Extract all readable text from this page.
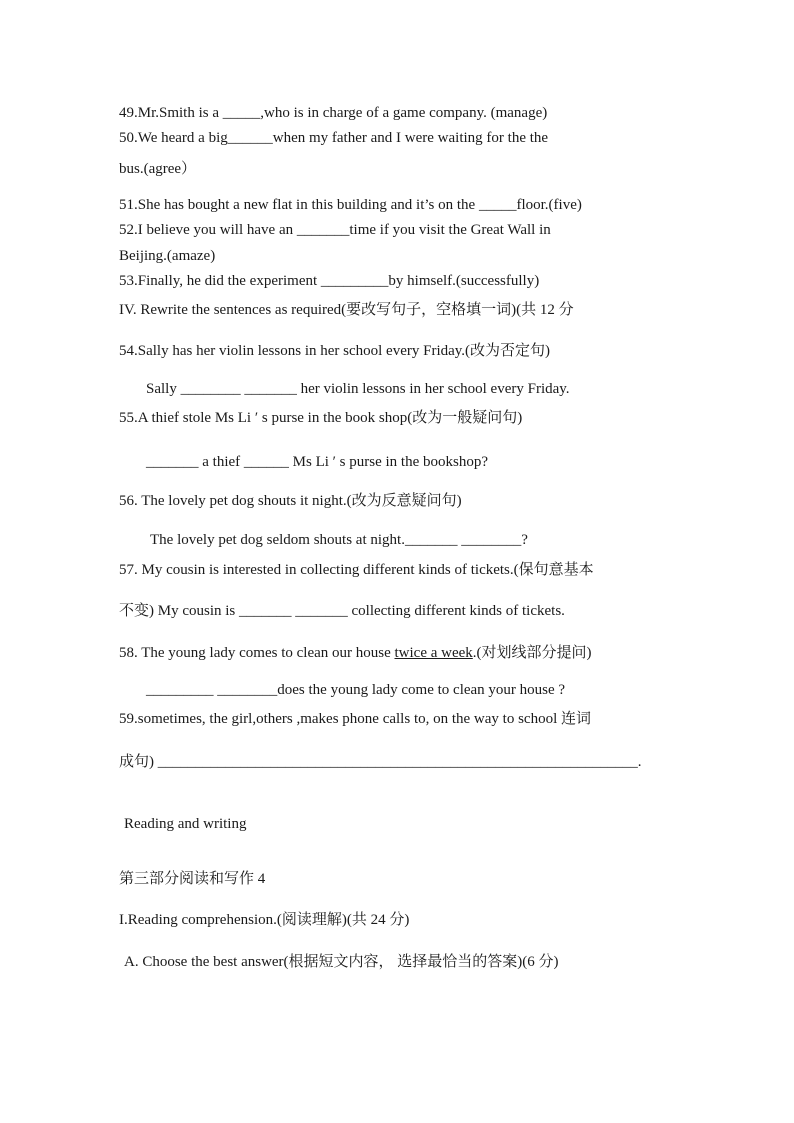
49.Mr.Smith is a _____,who is in charge of a game company. (manage)
50.We heard a big______when my father and I were waiting for the the
bus.(agree）
51.She has bought a new flat in this building and it’s on the _____floor.(five)
52.I believe you will have an _______time if you visit the Great Wall in
Beijing.(amaze)
53.Finally, he did the experiment _________by himself.(successfully)
IV. Rewrite the sentences as required(要改写句子，空格填一词)(共 12 分
54.Sally has her violin lessons in her school every Friday.(改为否定句)
Sally ________ _______ her violin lessons in her school every Friday.
55.A thief stole Ms Li ʹ s purse in the book shop(改为一般疑问句)
_______ a thief ______ Ms Li ʹ s purse in the bookshop?
56. The lovely pet dog shouts it night.(改为反意疑问句)
The lovely pet dog seldom shouts at night._______ ________?
57. My cousin is interested in collecting different kinds of tickets.(保句意基本
不变) My cousin is _______ _______ collecting different kinds of tickets.
58. The young lady comes to clean our house twice a week.(对划线部分提问)
_________ ________does the young lady come to clean your house ?
59.sometimes, the girl,others ,makes phone calls to, on the way to school 连词
成句) ________________________________________________________________.
Reading and writing
第三部分阅读和写作 4
I.Reading comprehension.(阅读理解)(共 24 分)
A. Choose the best answer(根据短文内容， 选择最恰当的答案)(6 分)
